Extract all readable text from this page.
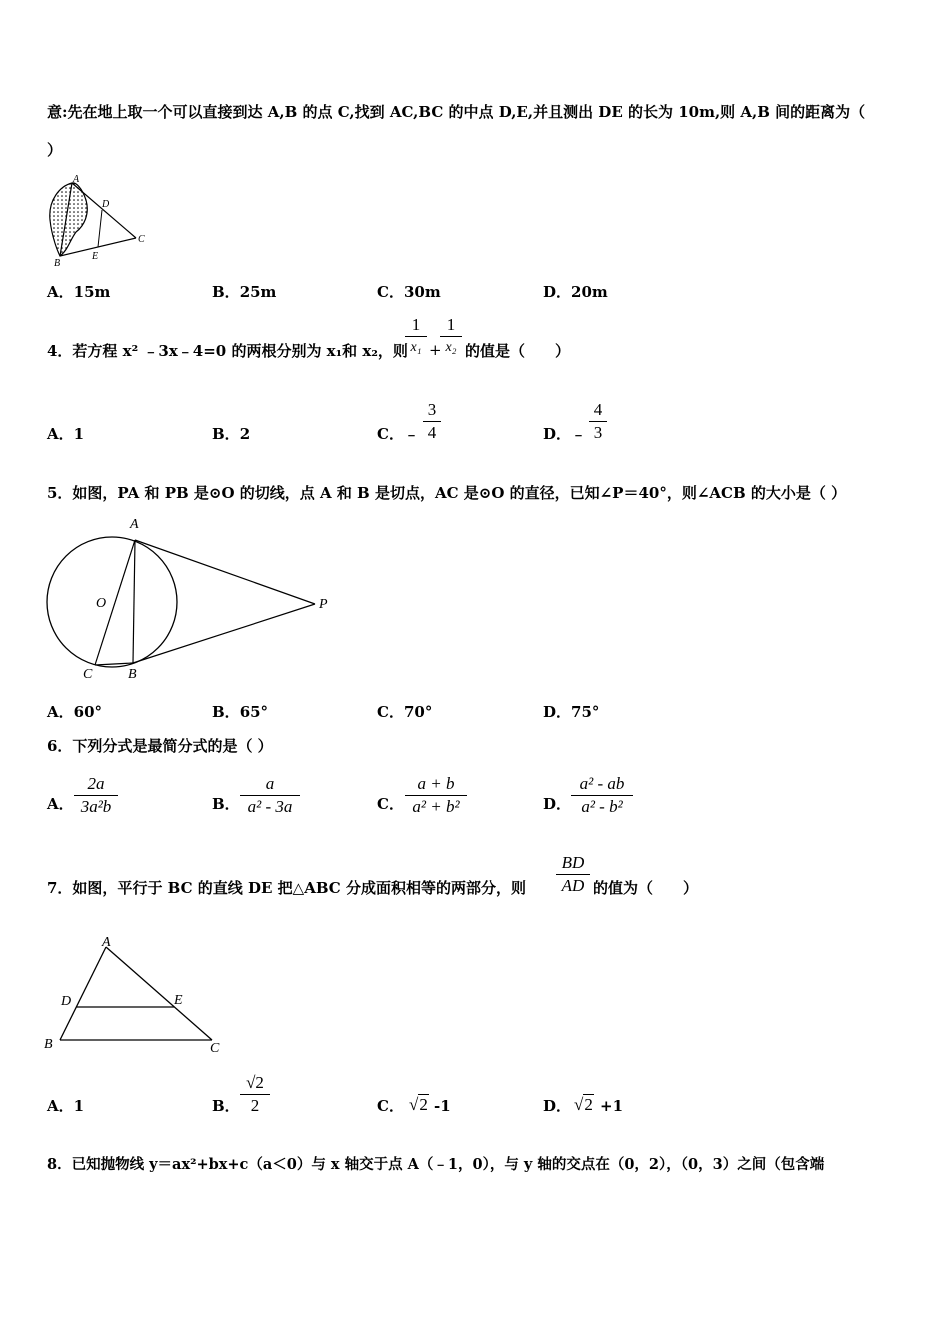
意:先在地上取一个可以直接到达 A,B 的点 C,找到 AC,BC 的中点 D,E,并且测出 DE 的长为 10m,则 A,B 间的距离为（
）
A
B
C
D
E
A．15m	B．25m	C．30m	D．20m
4．若方程 x² ﹣3x﹣4=0 的两根分别为 x₁和 x₂，则
1
x₁ +
1
x₂ 的值是（　　）
A．1	B．2	C．﹣
3
4	D．﹣
4
3
5．如图，PA 和 PB 是⊙O 的切线，点 A 和 B 是切点，AC 是⊙O 的直径，已知∠P＝40°，则∠ACB 的大小是（ ）
A
O	P
C	B
A．60°	B．65°	C．70°	D．75°
6．下列分式是最简分式的是（ ）
A．
2a
3a²b	B．
a
a² - 3a	C．
a + b
a² + b²	D．
a² - ab
a² - b²
7．如图，平行于 BC 的直线 DE 把△ABC 分成面积相等的两部分，则
BD
AD 的值为（　　）
A
D	E
B	C
A．1	B．
√2
2	C． √2 -1	D． √2 +1
8．已知抛物线 y＝ax²+bx+c（a＜0）与 x 轴交于点 A（﹣1，0），与 y 轴的交点在（0，2），（0，3）之间（包含端
